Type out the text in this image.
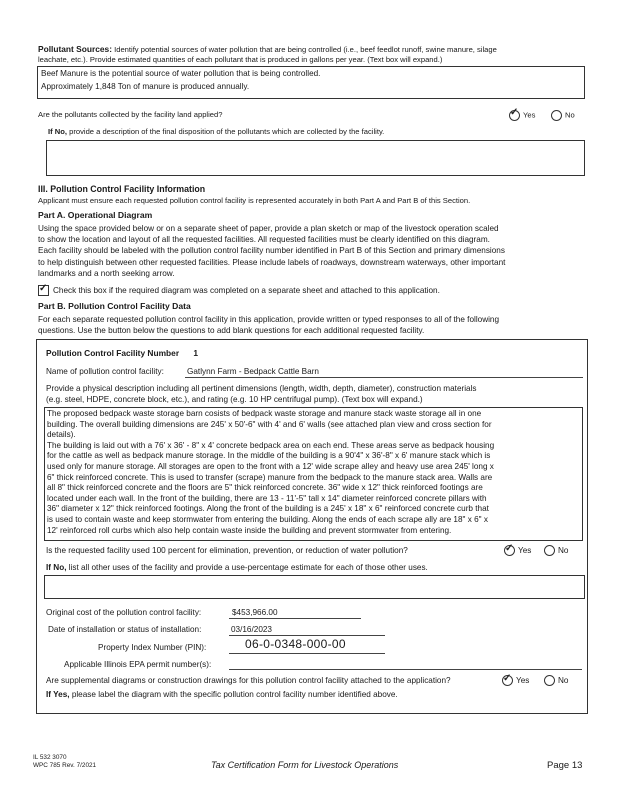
Pollutant Sources: Identify potential sources of water pollution that are being controlled (i.e., beef feedlot runoff, swine manure, silage
leachate, etc.). Provide estimated quantities of each pollutant that is produced in gallons per year. (Text box will expand.)
Beef Manure is the potential source of water pollution that is being controlled.
Approximately 1,848 Ton of manure is produced annually.
Are the pollutants collected by the facility land applied? ✓	Yes	No
If No, provide a description of the final disposition of the pollutants which are collected by the facility.
III. Pollution Control Facility Information
Applicant must ensure each requested pollution control facility is represented accurately in both Part A and Part B of this Section.
Part A. Operational Diagram
Using the space provided below or on a separate sheet of paper, provide a plan sketch or map of the livestock operation scaled
to show the location and layout of all the requested facilities. All requested facilities must be clearly identified on this diagram.
Each facility should be labeled with the pollution control facility number identified in Part B of this Section and primary dimensions
to help distinguish between other requested facilities. Please include labels of roadways, downstream waterways, other important
landmarks and a north seeking arrow.
✓Check this box if the required diagram was completed on a separate sheet and attached to this application.
Part B. Pollution Control Facility Data
For each separate requested pollution control facility in this application, provide written or typed responses to all of the following
questions. Use the button below the questions to add blank questions for each additional requested facility.
Pollution Control Facility Number 1
Name of pollution control facility:	Gatlynn Farm - Bedpack Cattle Barn
Provide a physical description including all pertinent dimensions (length, width, depth, diameter), construction materials
(e.g. steel, HDPE, concrete block, etc.), and rating (e.g. 10 HP centrifugal pump). (Text box will expand.)
The proposed bedpack waste storage barn cosists of bedpack waste storage and manure stack waste storage all in one
building. The overall building dimensions are 245' x 50'-6" with 4' and 6' walls (see attached plan view and cross section for
details).
The building is laid out with a 76' x 36' - 8" x 4' concrete bedpack area on each end. These areas serve as bedpack housing
for the cattle as well as bedpack manure storage. In the middle of the building is a 90'4" x 36'-8" x 6' manure stack which is
used only for manure storage. All storages are open to the front with a 12' wide scrape alley and heavy use area 245' long x
6" thick reinforced concrete. This is used to transfer (scrape) manure from the bedpack to the manure stack area. Walls are
all 8" thick reinforced concrete and the floors are 5" thick reinforced concrete. 36" wide x 12" thick reinforced footings are
located under each wall. In the front of the building, there are 13 - 11'-5" tall x 14" diameter reinforced concrete pillars with
36" diameter x 12" thick reinforced footings. Along the front of the building is a 245' x 18" x 6" reinforced concrete curb that
is used to contain waste and keep stormwater from entering the building. Along the ends of each scrape ally are 18" x 6" x
12' reinforced roll curbs which also help contain waste inside the building and prevent stormwater from entering.
Is the requested facility used 100 percent for elimination, prevention, or reduction of water pollution? ✓	Yes	No
If No, list all other uses of the facility and provide a use-percentage estimate for each of those other uses.
Original cost of the pollution control facility:	$453,966.00
Date of installation or status of installation:	03/16/2023
Property Index Number (PIN):	06-0-0348-000-00
Applicable Illinois EPA permit number(s):
Are supplemental diagrams or construction drawings for this pollution control facility attached to the application? ✓	Yes	No
If Yes, please label the diagram with the specific pollution control facility number identified above.
IL 532 3070
WPC 785 Rev. 7/2021	Tax Certification Form for Livestock Operations	Page 13
